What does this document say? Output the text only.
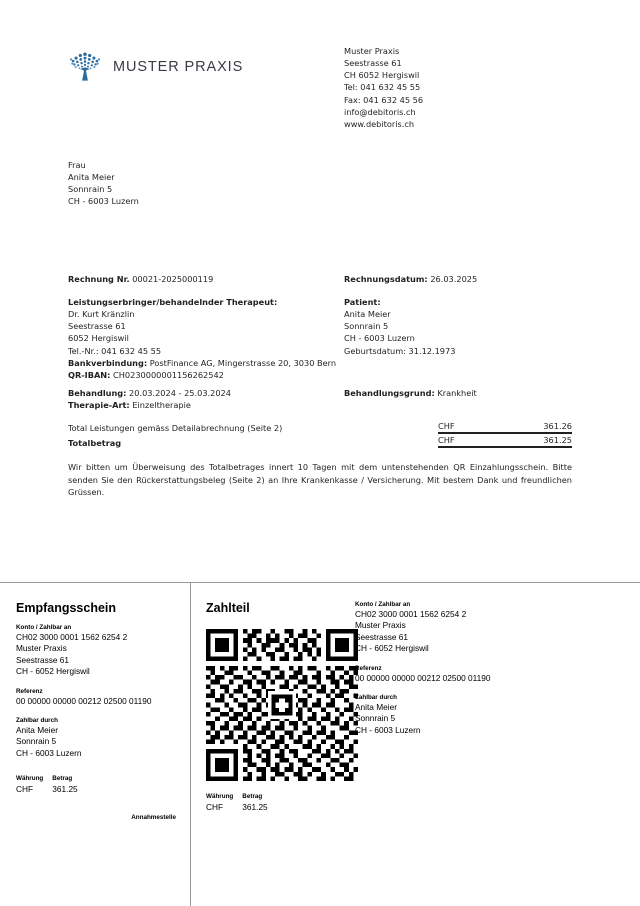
MUSTER PRAXIS
Muster Praxis
Seestrasse 61
CH 6052 Hergiswil
Tel: 041 632 45 55
Fax: 041 632 45 56
info@debitoris.ch
www.debitoris.ch
Frau
Anita Meier
Sonnrain 5
CH - 6003 Luzern
Rechnung Nr. 00021-2025000119	Rechnungsdatum: 26.03.2025
Leistungserbringer/behandelnder Therapeut:
Dr. Kurt Kränzlin
Seestrasse 61
6052 Hergiswil
Tel.-Nr.: 041 632 45 55
Patient:
Anita Meier
Sonnrain 5
CH - 6003 Luzern
Geburtsdatum: 31.12.1973
Bankverbindung: PostFinance AG, Mingerstrasse 20, 3030 Bern
QR-IBAN: CH0230000001156262542
Behandlung: 20.03.2024 - 25.03.2024
Therapie-Art: Einzeltherapie
Behandlungsgrund: Krankheit
Total Leistungen gemäss Detailabrechnung (Seite 2)	CHF	361.26
Totalbetrag	CHF	361.25
Wir bitten um Überweisung des Totalbetrages innert 10 Tagen mit dem untenstehenden QR Einzahlungsschein. Bitte senden Sie den Rückerstattungsbeleg (Seite 2) an Ihre Krankenkasse / Versicherung. Mit bestem Dank und freundlichen Grüssen.
Empfangsschein
Konto / Zahlbar an
CH02 3000 0001 1562 6254 2
Muster Praxis
Seestrasse 61
CH - 6052 Hergiswil
Referenz
00 00000 00000 00212 02500 01190
Zahlbar durch
Anita Meier
Sonnrain 5
CH - 6003 Luzern
Währung
CHF
Betrag
361.25
Annahmestelle
Zahlteil	Konto / Zahlbar an
CH02 3000 0001 1562 6254 2
Muster Praxis
Seestrasse 61
CH - 6052 Hergiswil
Referenz
00 00000 00000 00212 02500 01190
Zahlbar durch
Anita Meier
Sonnrain 5
CH - 6003 Luzern
Währung
CHF
Betrag
361.25
